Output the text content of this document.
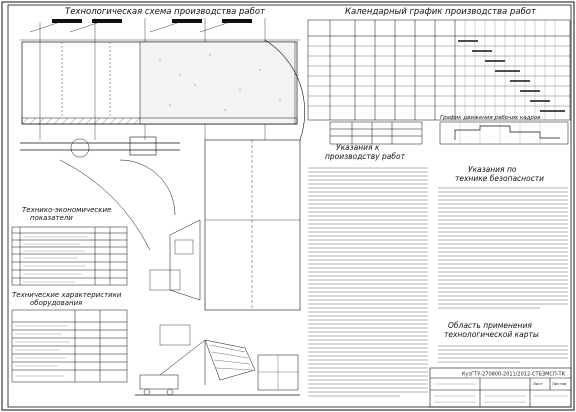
Технологическая схема производства работ
Технико-экономические показатели
Технические характеристики оборудования
Календарный график производства работ
График движения рабочих кадров
Указания к производству работ
Указания по технике безопасности
Область применения технологической карты
КузГТУ-270800-2011/2012-СТБЗМСП-ТК
Лист Листов
